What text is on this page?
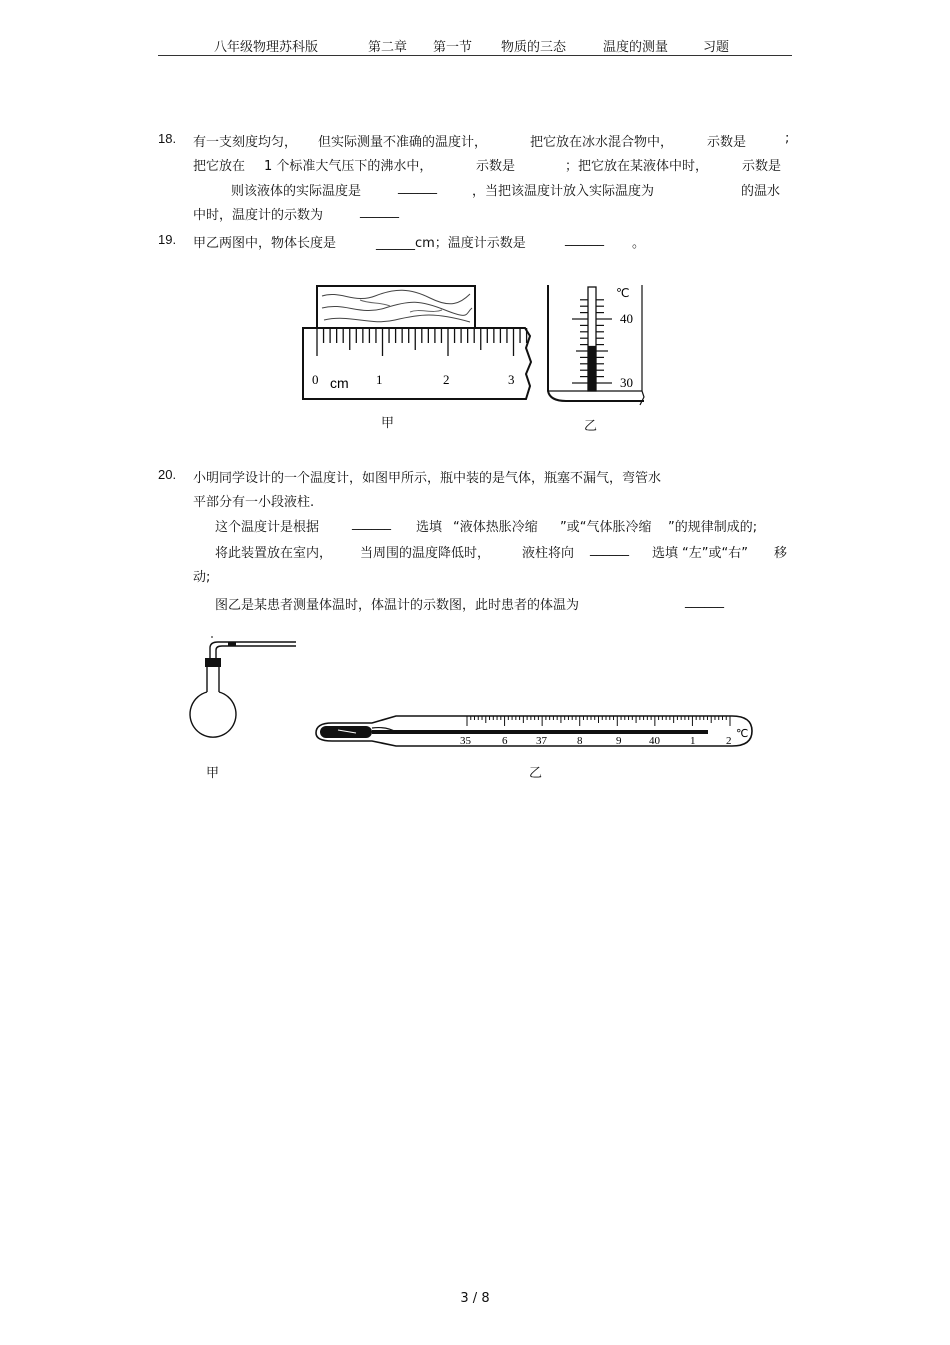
八年级物理苏科版	第二章 第一节 物质的三态	温度的测量	习题
18. 有一支刻度均匀， 但实际测量不准确的温度计，	把它放在冰水混合物中，	示数是	;
把它放在 1 个标准大气压下的沸水中，	示数是	；把它放在某液体中时，	示数是
则该液体的实际温度是	______	，当把该温度计放入实际温度为	的温水
中时，温度计的示数为	______
19. 甲乙两图中，物体长度是	______cm；温度计示数是	______ 。
0 cm 1	2	3
甲
℃
40
30
乙
20. 小明同学设计的一个温度计，如图甲所示，瓶中装的是气体，瓶塞不漏气，弯管水
平部分有一小段液柱.
这个温度计是根据	______ 选填 “液体热胀冷缩 ”或“气体胀冷缩 ”的规律制成的;
将此装置放在室内， 当周围的温度降低时， 液柱将向 ______ 选填 “左”或“右” 移
动;
图乙是某患者测量体温时，体温计的示数图，此时患者的体温为	______
甲
35	6	37	8	9	40	1	2
℃
乙
3 / 8
